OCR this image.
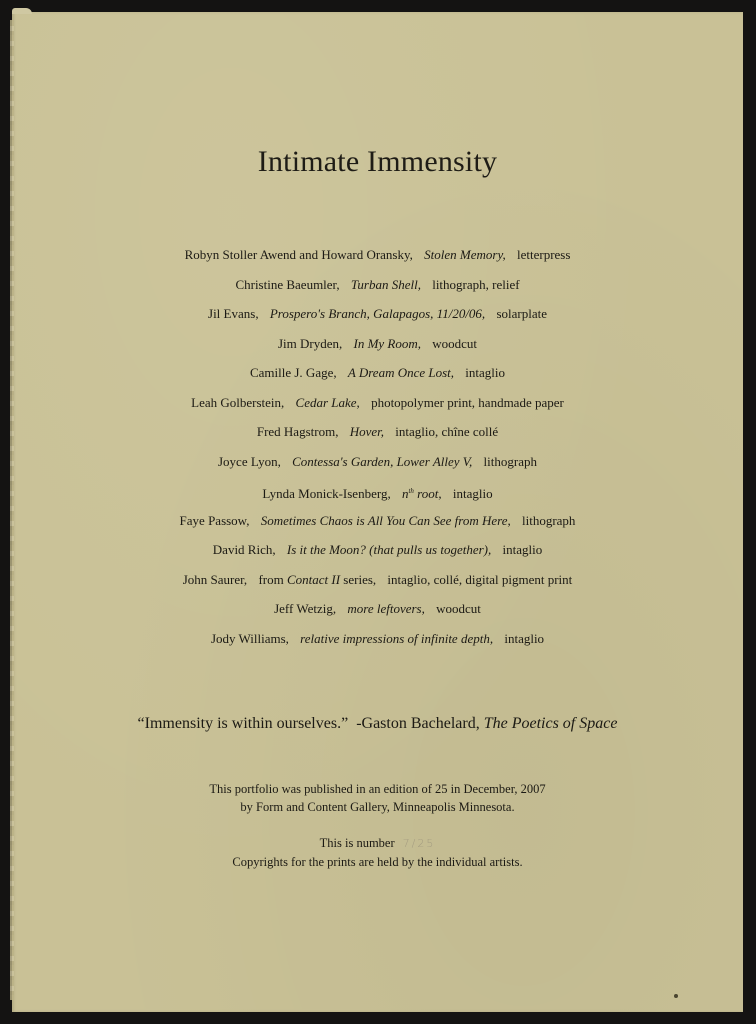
Intimate Immensity
Robyn Stoller Awend and Howard Oransky, Stolen Memory, letterpress
Christine Baeumler, Turban Shell, lithograph, relief
Jil Evans, Prospero's Branch, Galapagos, 11/20/06, solarplate
Jim Dryden, In My Room, woodcut
Camille J. Gage, A Dream Once Lost, intaglio
Leah Golberstein, Cedar Lake, photopolymer print, handmade paper
Fred Hagstrom, Hover, intaglio, chîne collé
Joyce Lyon, Contessa's Garden, Lower Alley V, lithograph
Lynda Monick-Isenberg, $n^{th}$ root, intaglio
Faye Passow, Sometimes Chaos is All You Can See from Here, lithograph
David Rich, Is it the Moon? (that pulls us together), intaglio
John Saurer, from Contact II series, intaglio, collé, digital pigment print
Jeff Wetzig, more leftovers, woodcut
Jody Williams, relative impressions of infinite depth, intaglio
“Immensity is within ourselves.” -Gaston Bachelard, The Poetics of Space
This portfolio was published in an edition of 25 in December, 2007
by Form and Content Gallery, Minneapolis Minnesota.
This is number 7/25
Copyrights for the prints are held by the individual artists.
